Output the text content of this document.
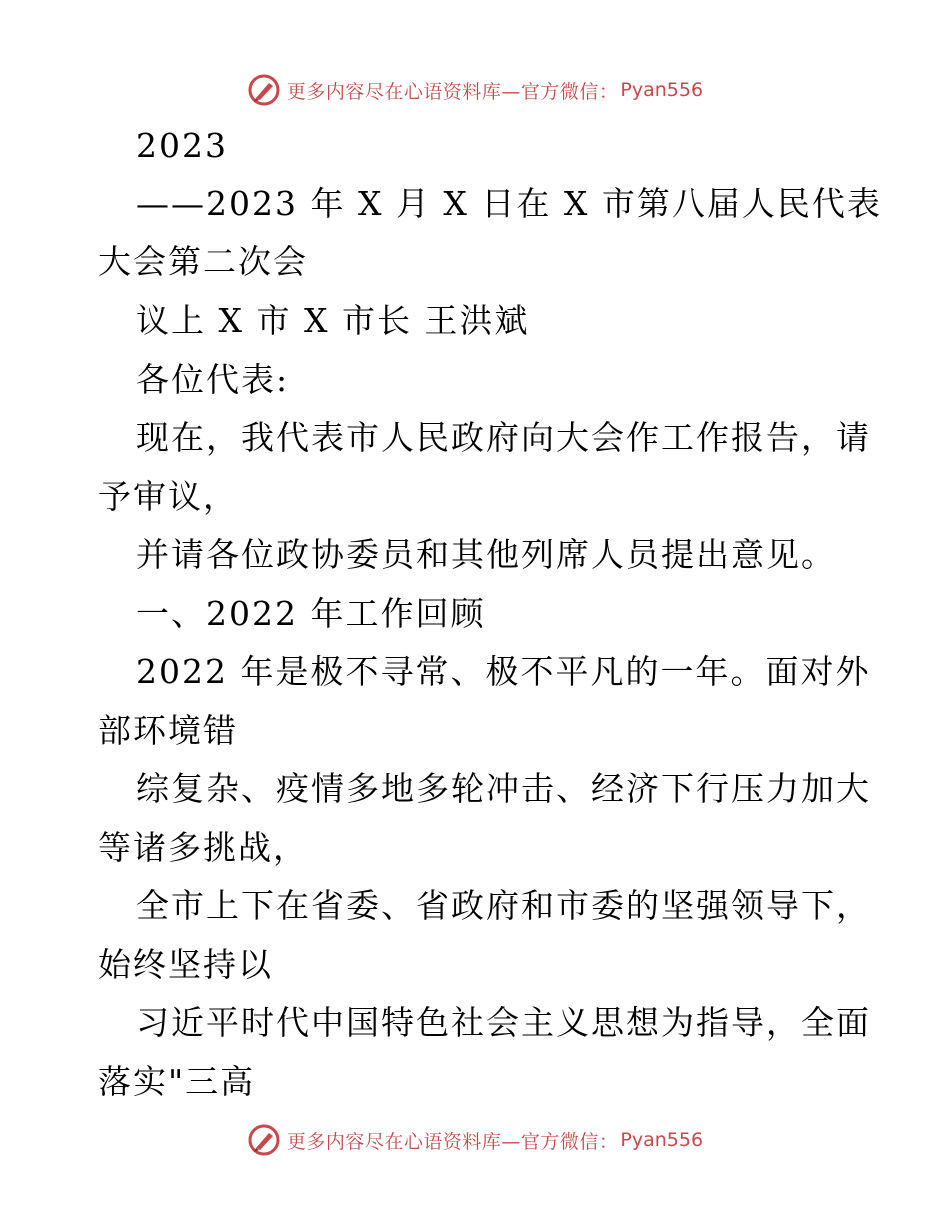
更多内容尽在心语资料库—官方微信： Pyan556
2023
——2023 年 X 月 X 日在 X 市第八届人民代表
大会第二次会
议上 X 市 X 市长 王洪斌
各位代表:
现在，我代表市人民政府向大会作工作报告，请
予审议，
并请各位政协委员和其他列席人员提出意见。
一、2022 年工作回顾
2022 年是极不寻常、极不平凡的一年。面对外
部环境错
综复杂、疫情多地多轮冲击、经济下行压力加大
等诸多挑战，
全市上下在省委、省政府和市委的坚强领导下，
始终坚持以
习近平时代中国特色社会主义思想为指导，全面
落实"三高
更多内容尽在心语资料库—官方微信： Pyan556
